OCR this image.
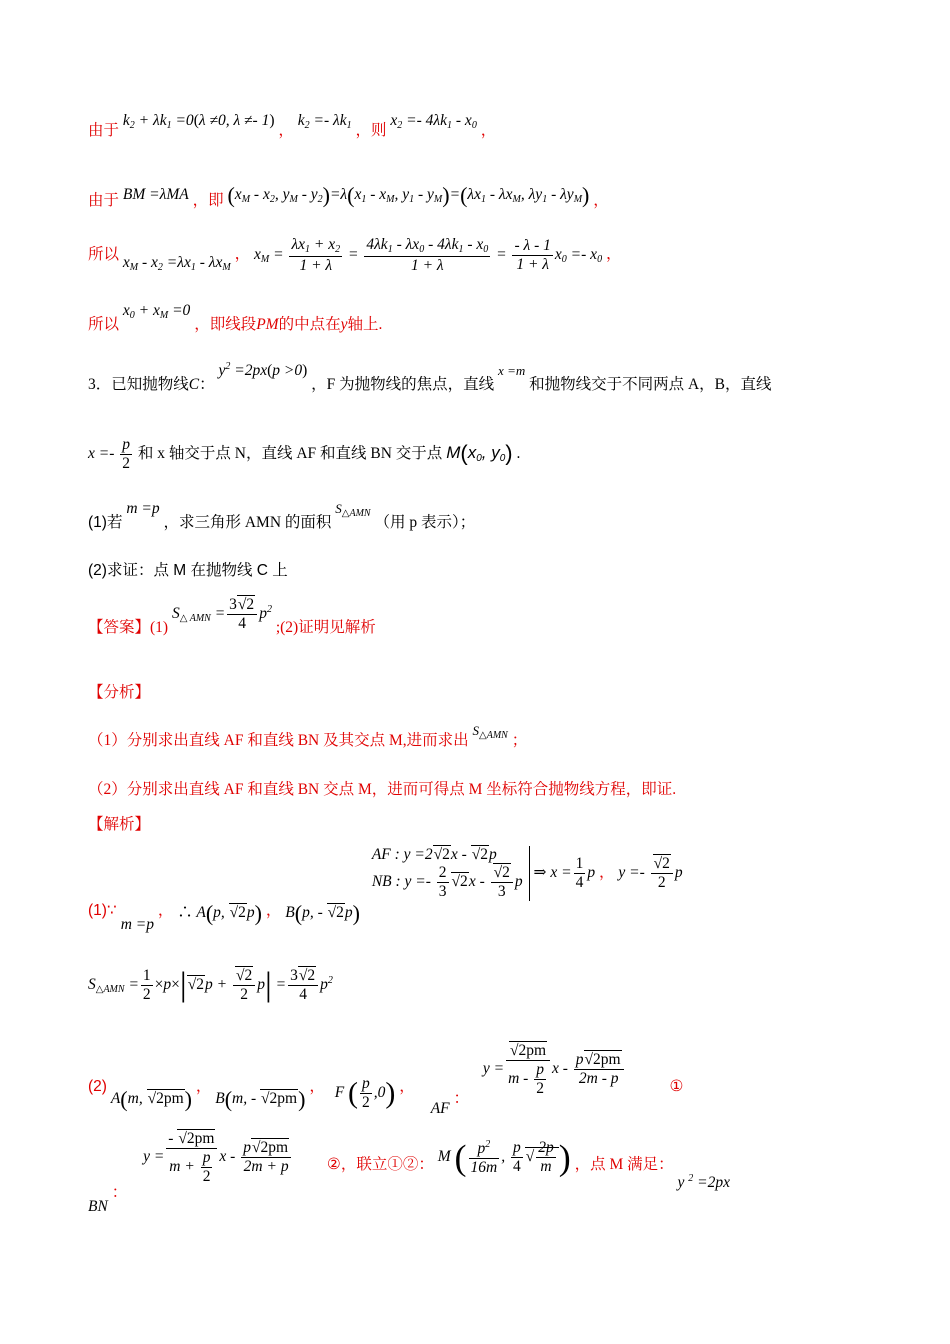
由于 $k_2 + \lambda k_1 =0(\lambda \ne 0$, λ ≠- 1) ， $k_2 =- \lambda k_1$ ，则 $x_2 =- 4\lambda k_1 - x_0$ ，
由于 BM =λMA ，即 ($x_M - x_2$, $y_M - y_2)=\lambda(x_1 - x_M$, $y_1 - y_M)=(\lambda x_1 - \lambda x_M$, $\lambda y_1 - \lambda y_M$) ，
所以 $x_M - x_2 =\lambda x_1 - \lambda x_M$ ， $x_M = \frac{\lambda x_1 + x_2}{1 + \lambda} = \frac{4\lambda k_1 - \lambda x_0 - 4\lambda k_1 - x_0}{1 + \lambda} = \frac{- \lambda - 1}{1 + \lambda} x_0 =- x_0$ ，
所以 $x_0 + x_M =0$ ，即线段PM的中点在y轴上.
3．已知抛物线C： $y^2 =2px(p >0)$ ，F 为抛物线的焦点，直线 x =m 和抛物线交于不同两点 A，B，直线
$x =- \frac{p}{2}$ 和 x 轴交于点 N，直线 AF 和直线 BN 交于点 $M(x_0$, $y_0$) .
(1)若 m =p ，求三角形 AMN 的面积 $S_{\triangle AMN}$ （用 p 表示）；
(2)求证：点 M 在抛物线 C 上
【答案】(1) $S_{\triangle AMN} = \frac{3√2}{4} p^2$ ;(2)证明见解析
【分析】
（1）分别求出直线 AF 和直线 BN 及其交点 M,进而求出 $S_{\triangle AMN}$ ；
（2）分别求出直线 AF 和直线 BN 交点 M，进而可得点 M 坐标符合抛物线方程，即证.
【解析】
(1)∵ m =p ， ∴ A(p, √2p) ， B(p, - √2p)
AF : y =2√2x - √2p
NB : $y =- \frac{2}{3} √2x - \frac{√2}{3}$ p
⇒ $x = \frac{1}{4}$ p ， $y =- \frac{√2}{2}$ p
$S_{\triangle AMN} = \frac{1}{2} \times p\times|√2p + \frac{√2}{2} p| = \frac{3√2}{4} p^2$
(2) A(m, √2pm) ， B(m, - √2pm) ， F ( $\frac{p}{2} ,0$) ， AF ： $y = \frac{√2pm}{m - \frac{p}{2}}$ x - $\frac{p√2pm}{2m - p}$	①
BN ： $y = \frac{- √2pm}{m + \frac{p}{2}}$ x - $\frac{p√2pm}{2m + p}$ ②，联立①②： M ( $\frac{p^2}{16m}$ , $\frac{p}{4}$ √ $\frac{2p}{m}$ ) ，点 M 满足： y $^2$ =2px
